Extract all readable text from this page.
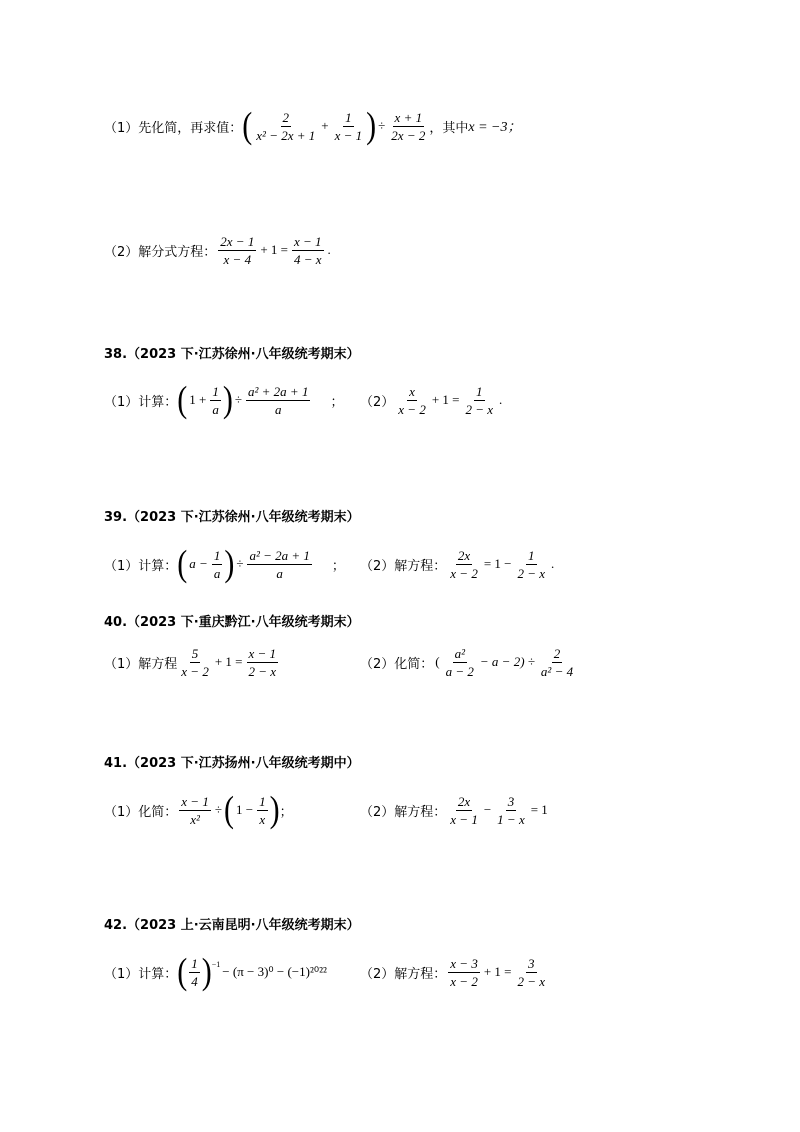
（1）先化简，再求值： ( $\frac{2}{\text{x² − 2x + 1}} + \frac{1}{x - 1}$ ) ÷ $\frac{x + 1}{2x - 2}$ ，其中 x = −3；
（2）解分式方程： $\frac{2x - 1}{x - 4} + 1 = \frac{x - 1}{4 - x}$ .
38.（2023 下·江苏徐州·八年级统考期末）
（1）计算： ( $1 + \frac{1}{a}$ ) ÷ $\frac{\text{a² + 2a + 1}}{a}$ ； $(2) \frac{x}{x - 2} + 1 = \frac{1}{2 - x}$ .
39.（2023 下·江苏徐州·八年级统考期末）
（1）计算： ( $a - \frac{1}{a}$ ) ÷ $\frac{\text{a² − 2a + 1}}{a}$ ； （2）解方程： $\frac{2x}{x - 2} = 1 - \frac{1}{2 - x}$ .
40.（2023 下·重庆黔江·八年级统考期末）
（1）解方程 $\frac{5}{x - 2} + 1 = \frac{x - 1}{2 - x}$	（2）化简： ( $\frac{\text{a²}}{a - 2} - a - 2) \div \frac{2}{\text{a² − 4}}$
41.（2023 下·江苏扬州·八年级统考期中）
（1）化简： $\frac{x - 1}{\text{x²}}$ ÷ ( $1 - \frac{1}{x}$ ) ；	（2）解方程： $\frac{2x}{x - 1} - \frac{3}{1 - x} = 1$
42.（2023 上·云南昆明·八年级统考期末）
（1）计算： ( $\frac{1}{4} )^{-1} - (\pi - 3)^0 - (-1)^{2022}$	（2）解方程： $\frac{x - 3}{x - 2} + 1 = \frac{3}{2 - x}$
